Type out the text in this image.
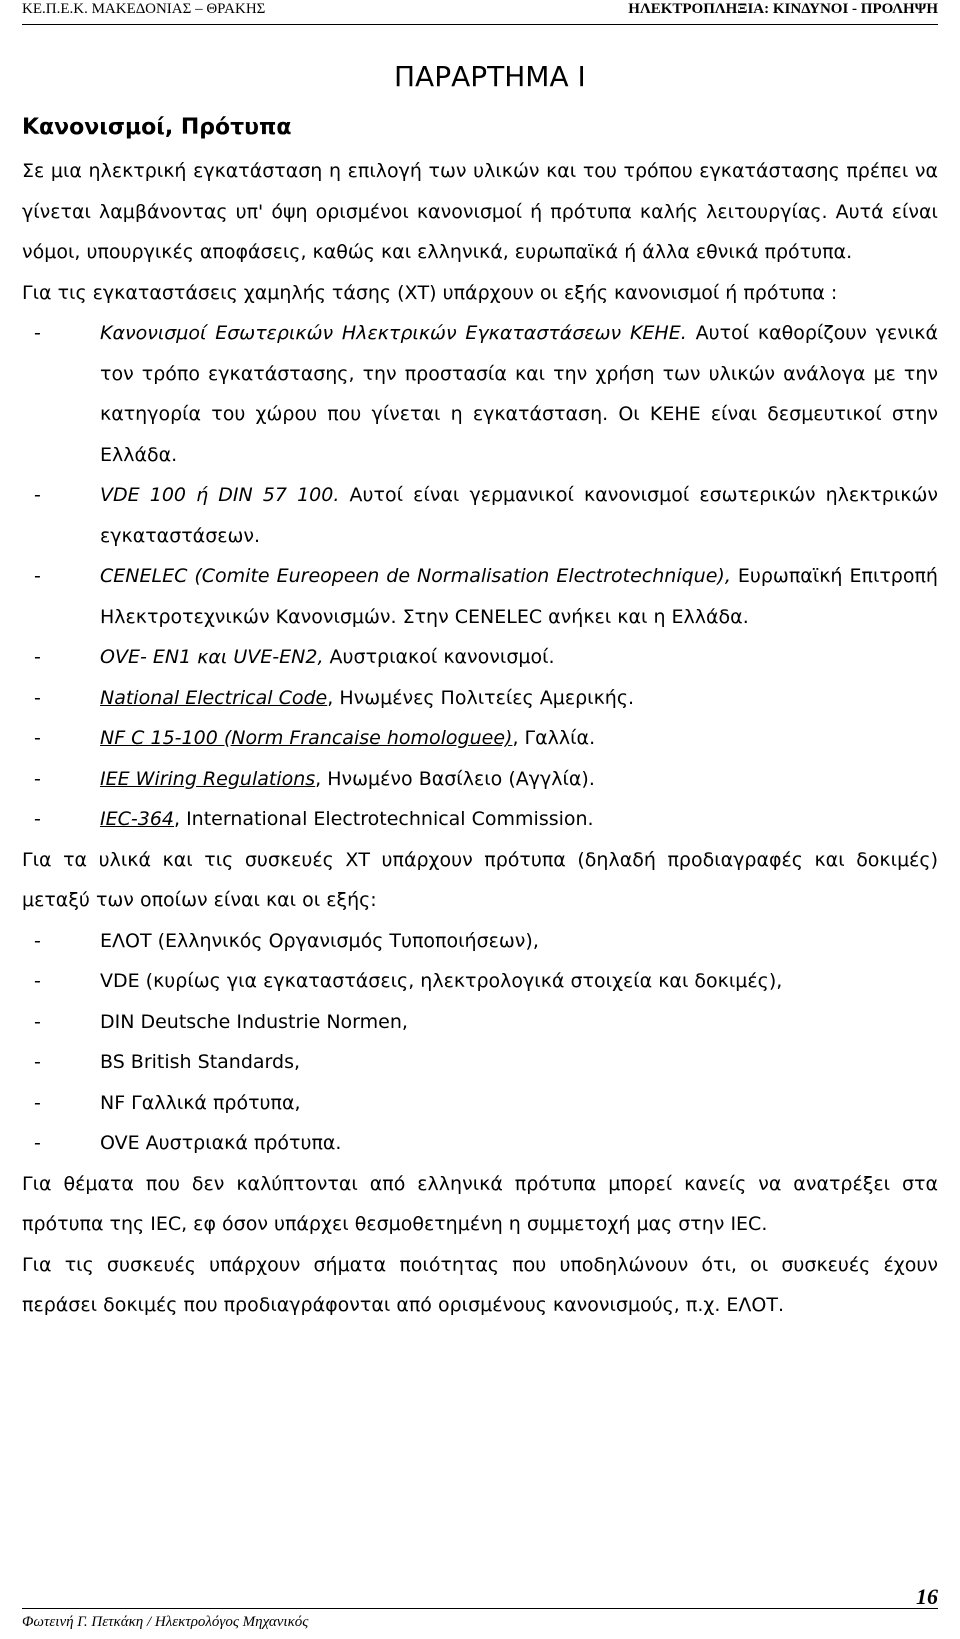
ΚΕ.Π.Ε.Κ. ΜΑΚΕΔΟΝΙΑΣ – ΘΡΑΚΗΣ	ΗΛΕΚΤΡΟΠΛΗΞΙΑ: ΚΙΝΔΥΝΟΙ - ΠΡΟΛΗΨΗ
ΠΑΡΑΡΤΗΜΑ Ι
Κανονισμοί, Πρότυπα

Σε μια ηλεκτρική εγκατάσταση η επιλογή των υλικών και του τρόπου εγκατάστασης πρέπει να γίνεται λαμβάνοντας υπ' όψη ορισμένοι κανονισμοί ή πρότυπα καλής λειτουργίας. Αυτά είναι νόμοι, υπουργικές αποφάσεις, καθώς και ελληνικά, ευρωπαϊκά ή άλλα εθνικά πρότυπα.

Για τις εγκαταστάσεις χαμηλής τάσης (ΧΤ) υπάρχουν οι εξής κανονισμοί ή πρότυπα :

-	Κανονισμοί Εσωτερικών Ηλεκτρικών Εγκαταστάσεων ΚΕΗΕ. Αυτοί καθορίζουν γενικά τον τρόπο εγκατάστασης, την προστασία και την χρήση των υλικών ανάλογα με την κατηγορία του χώρου που γίνεται η εγκατάσταση. Οι ΚΕΗΕ είναι δεσμευτικοί στην Ελλάδα.
-	VDE 100 ή DIN 57 100. Αυτοί είναι γερμανικοί κανονισμοί εσωτερικών ηλεκτρικών εγκαταστάσεων.
-	CENELEC (Comite Eureopeen de Normalisation Electrotechnique), Ευρωπαϊκή Επιτροπή Ηλεκτροτεχνικών Κανονισμών. Στην CENELEC ανήκει και η Ελλάδα.
-	OVE- EN1 και UVE-EN2, Αυστριακοί κανονισμοί.
-	National Electrical Code, Ηνωμένες Πολιτείες Αμερικής.
-	NF C 15-100 (Norm Francaise homologuee), Γαλλία.
-	IEE Wiring Regulations, Ηνωμένο Βασίλειο (Αγγλία).
-	IEC-364, International Electrotechnical Commission.

Για τα υλικά και τις συσκευές ΧΤ υπάρχουν πρότυπα (δηλαδή προδιαγραφές και δοκιμές) μεταξύ των οποίων είναι και οι εξής:

-	ΕΛΟΤ (Ελληνικός Οργανισμός Τυποποιήσεων),
-	VDE (κυρίως για εγκαταστάσεις, ηλεκτρολογικά στοιχεία και δοκιμές),
-	DIN Deutsche Industrie Normen,
-	BS British Standards,
-	NF Γαλλικά πρότυπα,
-	OVE Αυστριακά πρότυπα.

Για θέματα που δεν καλύπτονται από ελληνικά πρότυπα μπορεί κανείς να ανατρέξει στα πρότυπα της IEC, εφ όσον υπάρχει θεσμοθετημένη η συμμετοχή μας στην IEC.

Για τις συσκευές υπάρχουν σήματα ποιότητας που υποδηλώνουν ότι, οι συσκευές έχουν περάσει δοκιμές που προδιαγράφονται από ορισμένους κανονισμούς, π.χ. ΕΛΟΤ.

Φωτεινή Γ. Πετκάκη / Ηλεκτρολόγος Μηχανικός
16
